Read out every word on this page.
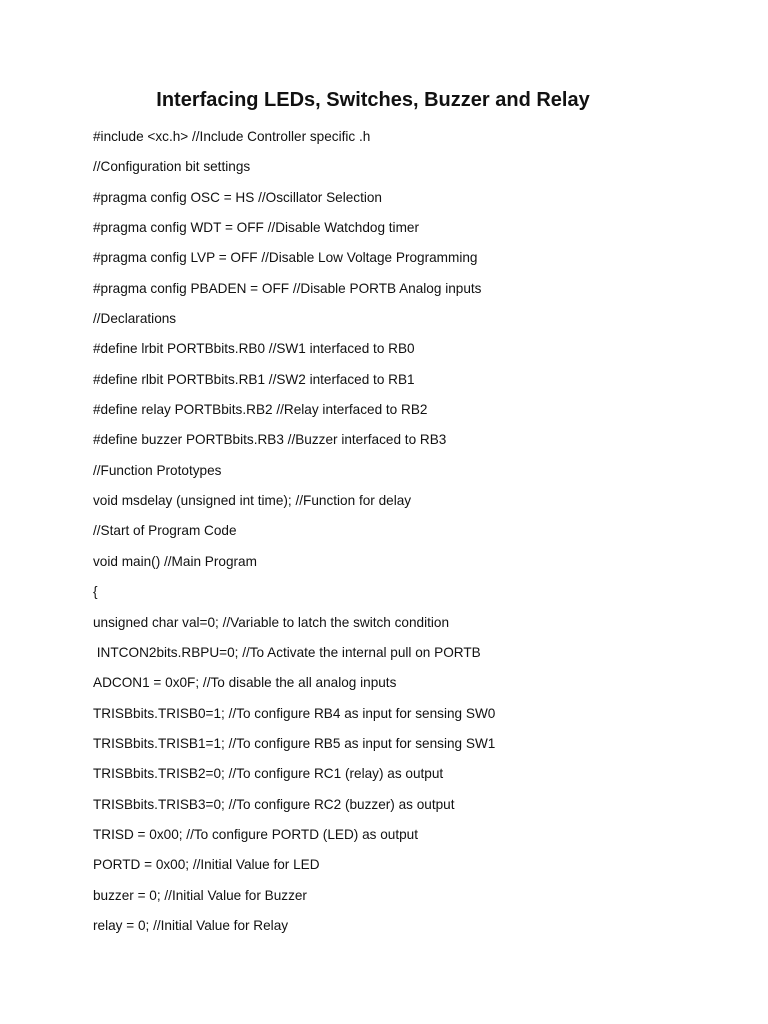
Interfacing LEDs, Switches, Buzzer and Relay
#include <xc.h> //Include Controller specific .h
//Configuration bit settings
#pragma config OSC = HS //Oscillator Selection
#pragma config WDT = OFF //Disable Watchdog timer
#pragma config LVP = OFF //Disable Low Voltage Programming
#pragma config PBADEN = OFF //Disable PORTB Analog inputs
//Declarations
#define lrbit PORTBbits.RB0 //SW1 interfaced to RB0
#define rlbit PORTBbits.RB1 //SW2 interfaced to RB1
#define relay PORTBbits.RB2 //Relay interfaced to RB2
#define buzzer PORTBbits.RB3 //Buzzer interfaced to RB3
//Function Prototypes
void msdelay (unsigned int time); //Function for delay
//Start of Program Code
void main() //Main Program
{
unsigned char val=0; //Variable to latch the switch condition
INTCON2bits.RBPU=0; //To Activate the internal pull on PORTB
ADCON1 = 0x0F; //To disable the all analog inputs
TRISBbits.TRISB0=1; //To configure RB4 as input for sensing SW0
TRISBbits.TRISB1=1; //To configure RB5 as input for sensing SW1
TRISBbits.TRISB2=0; //To configure RC1 (relay) as output
TRISBbits.TRISB3=0; //To configure RC2 (buzzer) as output
TRISD = 0x00; //To configure PORTD (LED) as output
PORTD = 0x00; //Initial Value for LED
buzzer = 0; //Initial Value for Buzzer
relay = 0; //Initial Value for Relay
